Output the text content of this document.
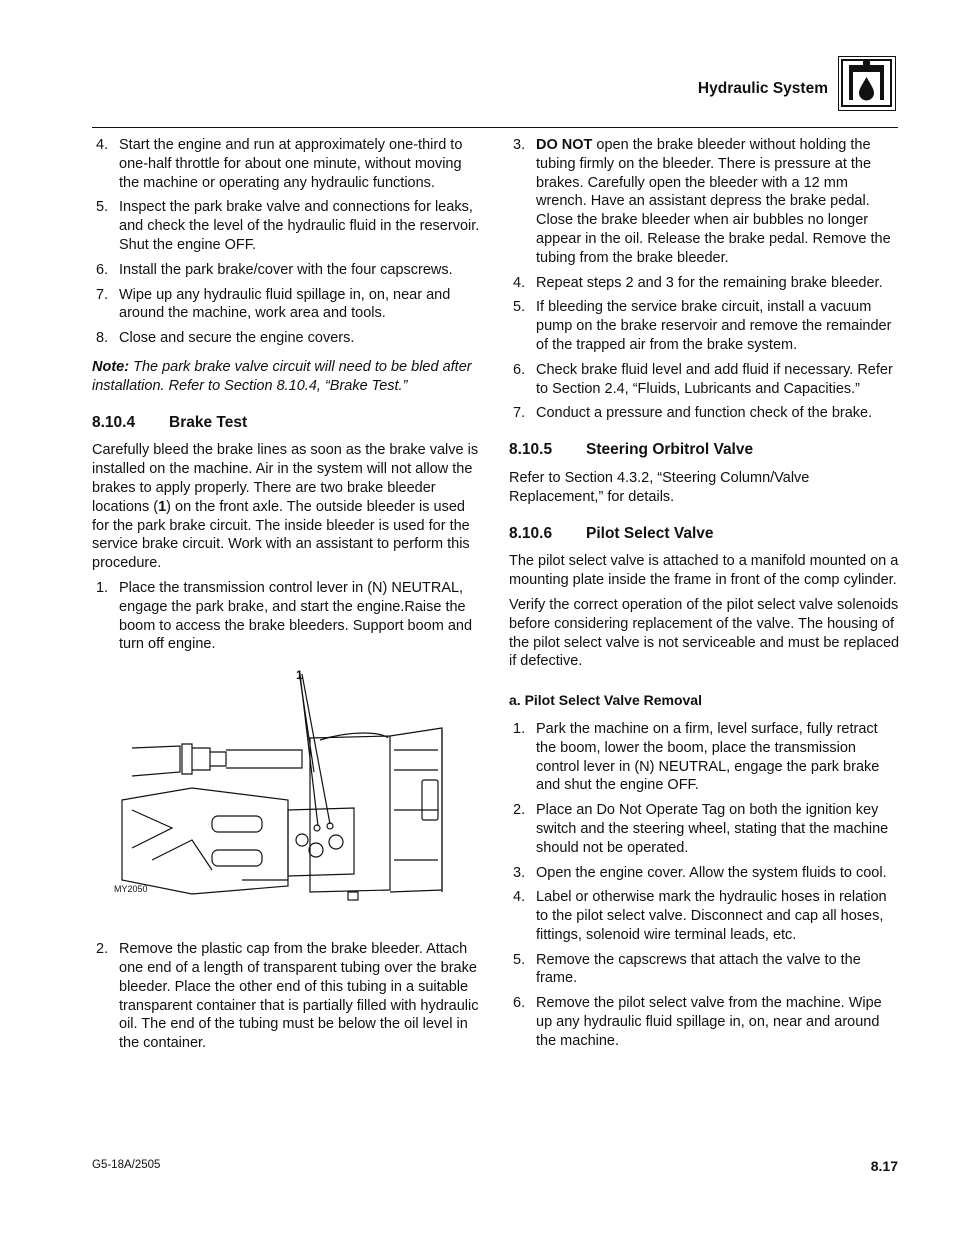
Hydraulic System
4. Start the engine and run at approximately one-third to one-half throttle for about one minute, without moving the machine or operating any hydraulic functions.
5. Inspect the park brake valve and connections for leaks, and check the level of the hydraulic fluid in the reservoir. Shut the engine OFF.
6. Install the park brake/cover with the four capscrews.
7. Wipe up any hydraulic fluid spillage in, on, near and around the machine, work area and tools.
8. Close and secure the engine covers.

Note: The park brake valve circuit will need to be bled after installation. Refer to Section 8.10.4, “Brake Test.”

8.10.4 Brake Test

Carefully bleed the brake lines as soon as the brake valve is installed on the machine. Air in the system will not allow the brakes to apply properly. There are two brake bleeder locations (1) on the front axle. The outside bleeder is used for the park brake circuit. The inside bleeder is used for the service brake circuit. Work with an assistant to perform this procedure.

1. Place the transmission control lever in (N) NEUTRAL, engage the park brake, and start the engine.Raise the boom to access the brake bleeders. Support boom and turn off engine.
1
MY2050
2. Remove the plastic cap from the brake bleeder. Attach one end of a length of transparent tubing over the brake bleeder. Place the other end of this tubing in a suitable transparent container that is partially filled with hydraulic oil. The end of the tubing must be below the oil level in the container.
3. DO NOT open the brake bleeder without holding the tubing firmly on the bleeder. There is pressure at the brakes. Carefully open the bleeder with a 12 mm wrench. Have an assistant depress the brake pedal. Close the brake bleeder when air bubbles no longer appear in the oil. Release the brake pedal. Remove the tubing from the brake bleeder.
4. Repeat steps 2 and 3 for the remaining brake bleeder.
5. If bleeding the service brake circuit, install a vacuum pump on the brake reservoir and remove the remainder of the trapped air from the brake system.
6. Check brake fluid level and add fluid if necessary. Refer to Section 2.4, “Fluids, Lubricants and Capacities.”
7. Conduct a pressure and function check of the brake.
8.10.5 Steering Orbitrol Valve

Refer to Section 4.3.2, “Steering Column/Valve Replacement,” for details.

8.10.6 Pilot Select Valve

The pilot select valve is attached to a manifold mounted on a mounting plate inside the frame in front of the comp cylinder.

Verify the correct operation of the pilot select valve solenoids before considering replacement of the valve. The housing of the pilot select valve is not serviceable and must be replaced if defective.

a. Pilot Select Valve Removal
1. Park the machine on a firm, level surface, fully retract the boom, lower the boom, place the transmission control lever in (N) NEUTRAL, engage the park brake and shut the engine OFF.
2. Place an Do Not Operate Tag on both the ignition key switch and the steering wheel, stating that the machine should not be operated.
3. Open the engine cover. Allow the system fluids to cool.
4. Label or otherwise mark the hydraulic hoses in relation to the pilot select valve. Disconnect and cap all hoses, fittings, solenoid wire terminal leads, etc.
5. Remove the capscrews that attach the valve to the frame.
6. Remove the pilot select valve from the machine. Wipe up any hydraulic fluid spillage in, on, near and around the machine.
G5-18A/2505	8.17
